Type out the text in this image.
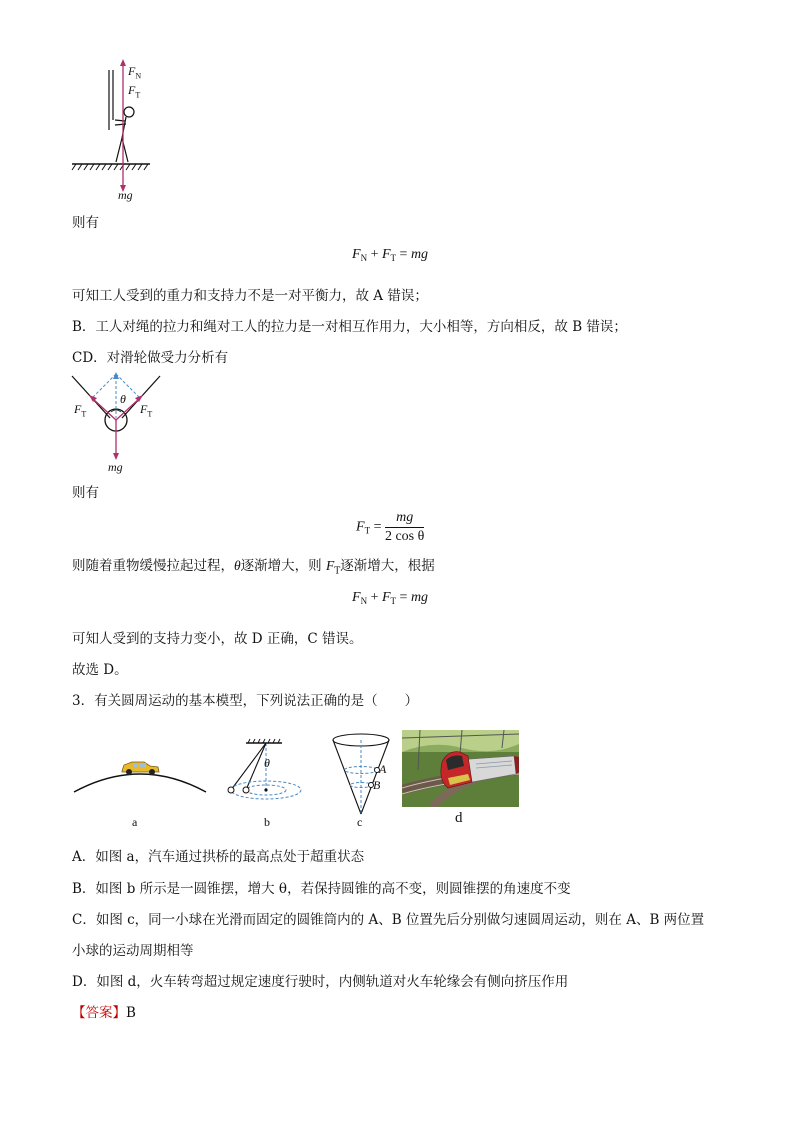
$F_N$
$F_T$
mg
则有
$F_N + F_T$ = mg
可知工人受到的重力和支持力不是一对平衡力，故 A 错误；
B．工人对绳的拉力和绳对工人的拉力是一对相互作用力，大小相等，方向相反，故 B 错误；
CD．对滑轮做受力分析有
$F_T$
θ
$F_T$
mg
则有
$F_T = \frac{mg}{\text{2 cos θ}}$
则随着重物缓慢拉起过程，θ逐渐增大，则 $F_T$逐渐增大，根据
$F_N + F_T$ = mg
可知人受到的支持力变小，故 D 正确，C 错误。
故选 D。
3．有关圆周运动的基本模型，下列说法正确的是（　　）
a
θ
b
A
B
c	d
A．如图 a，汽车通过拱桥的最高点处于超重状态
B．如图 b 所示是一圆锥摆，增大 θ，若保持圆锥的高不变，则圆锥摆的角速度不变
C．如图 c，同一小球在光滑而固定的圆锥筒内的 A、B 位置先后分别做匀速圆周运动，则在 A、B 两位置
小球的运动周期相等
D．如图 d，火车转弯超过规定速度行驶时，内侧轨道对火车轮缘会有侧向挤压作用
【答案】B
